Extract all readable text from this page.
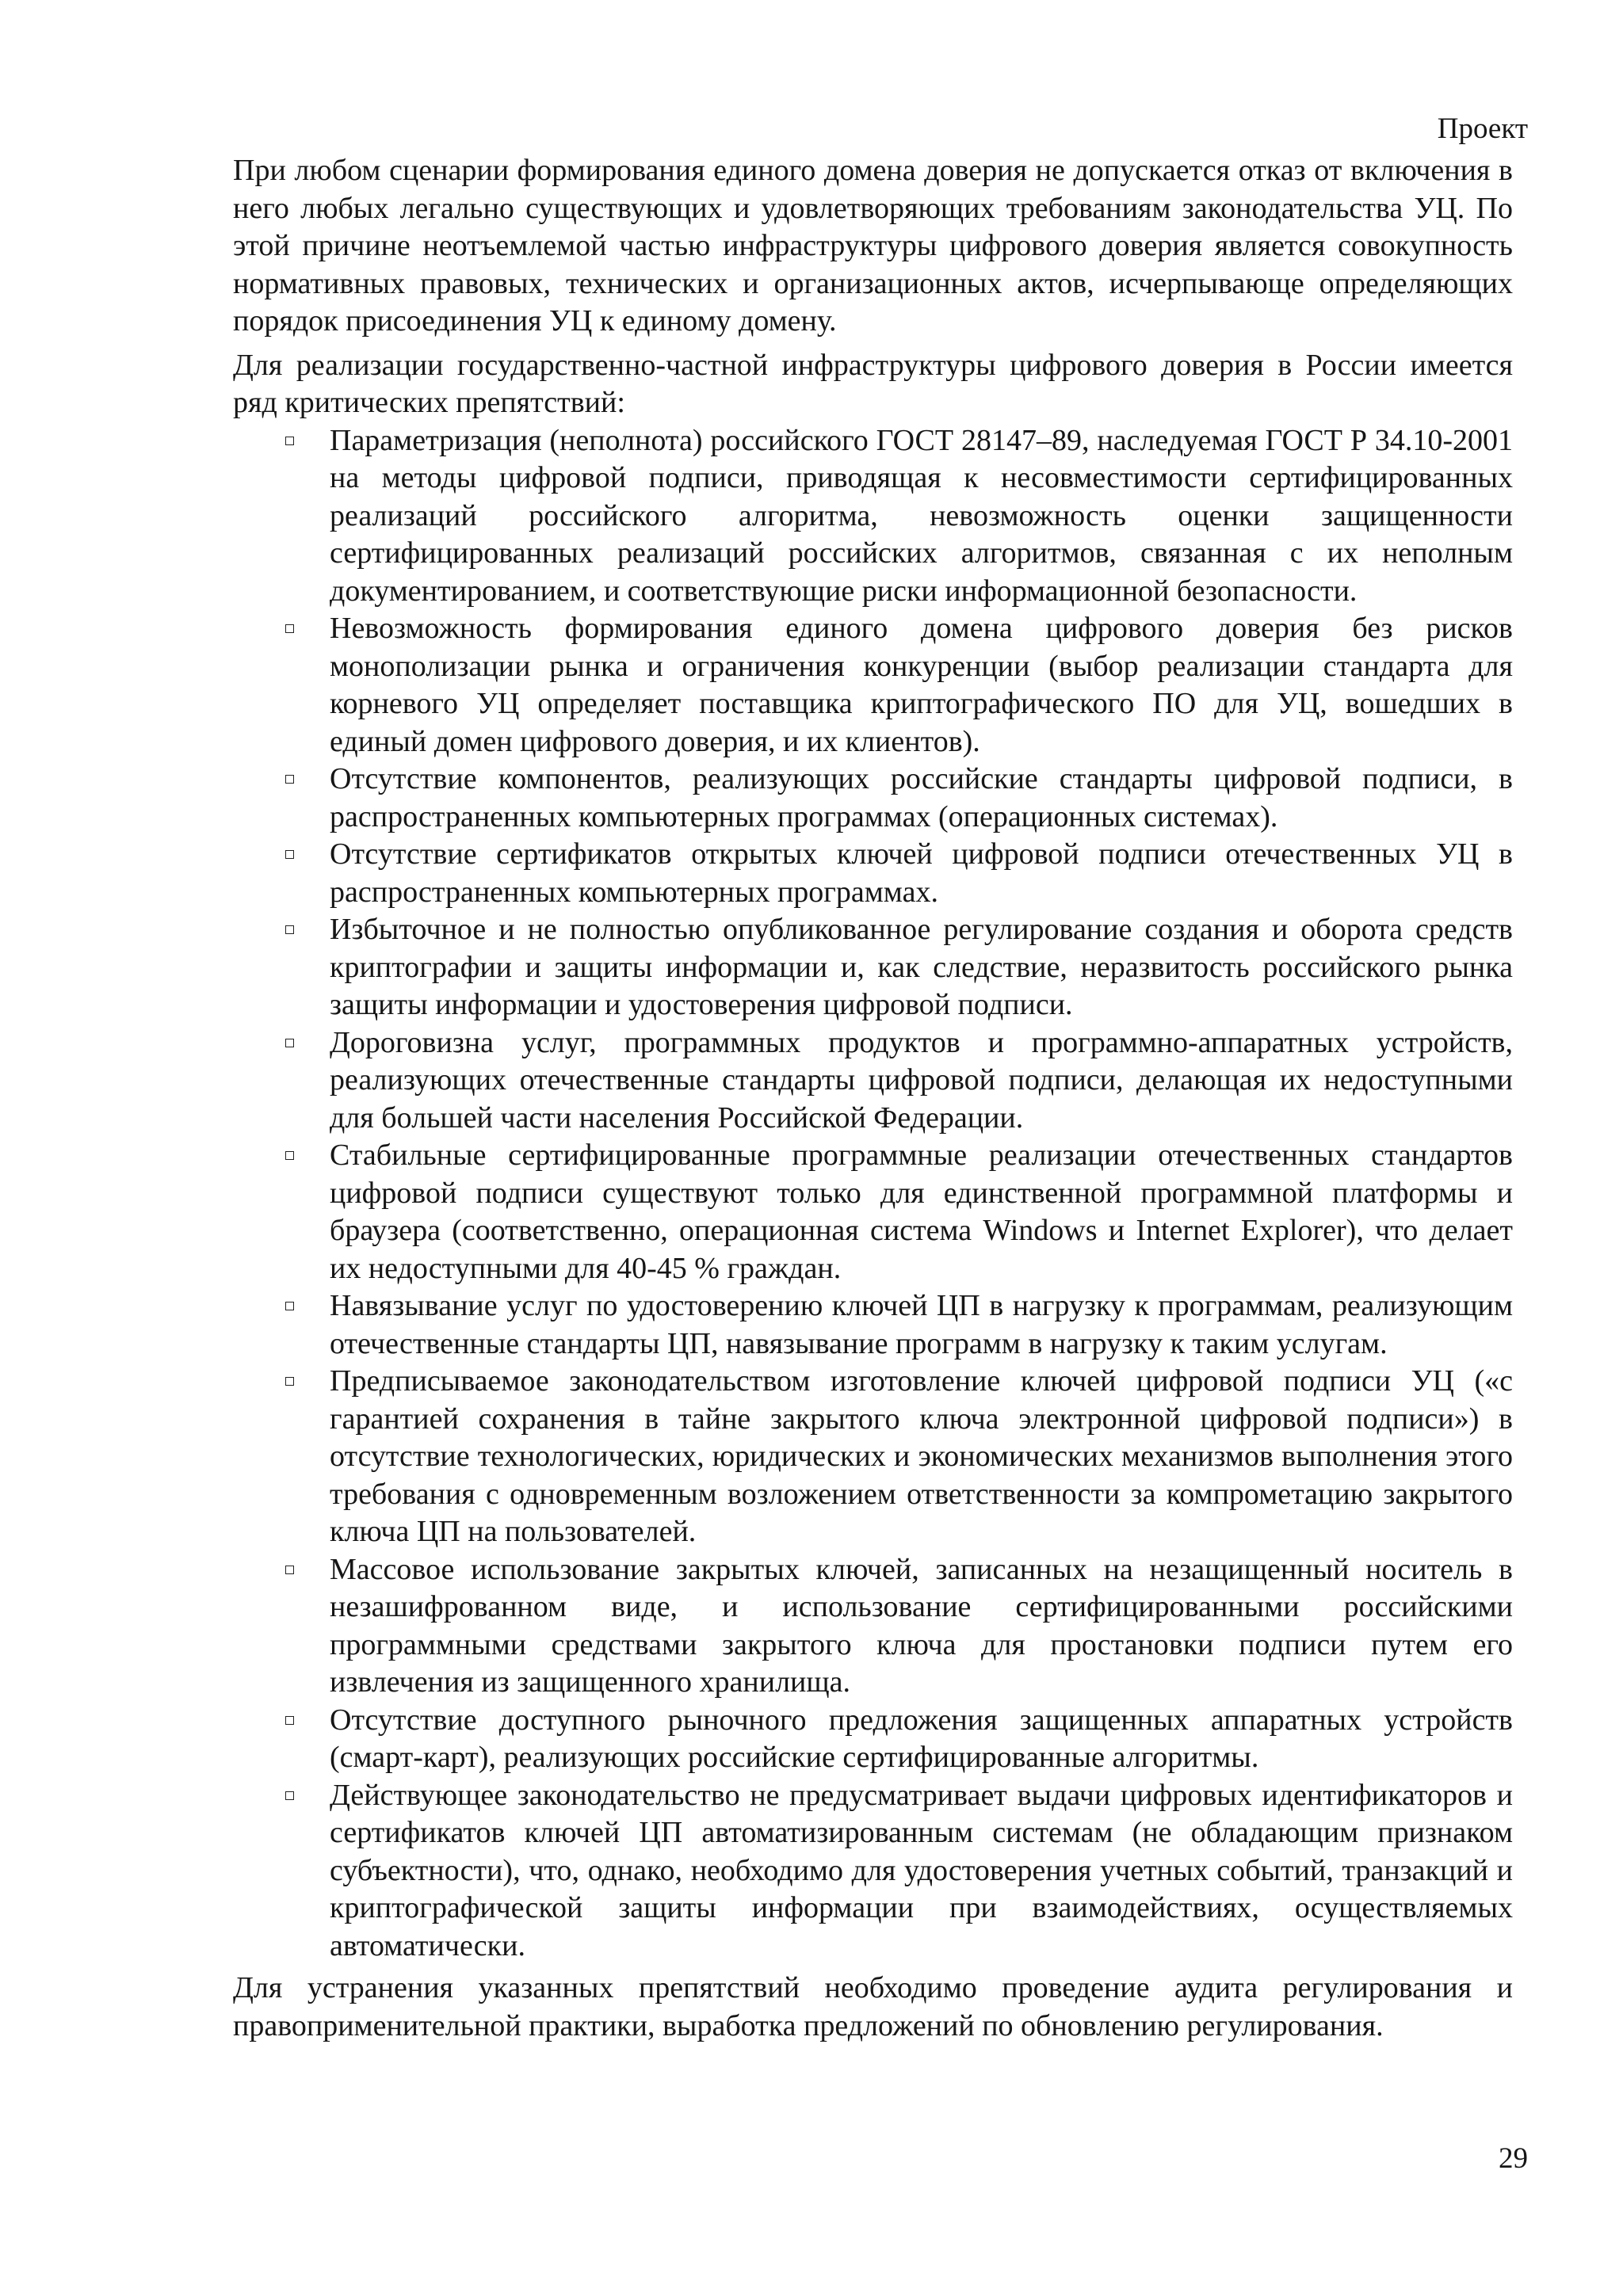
Проект

При любом сценарии формирования единого домена доверия не допускается отказ от включения в него любых легально существующих и удовлетворяющих требованиям законодательства УЦ. По этой причине неотъемлемой частью инфраструктуры цифрового доверия является совокупность нормативных правовых, технических и организационных актов, исчерпывающе определяющих порядок присоединения УЦ к единому домену.

Для реализации государственно-частной инфраструктуры цифрового доверия в России имеется ряд критических препятствий:

Параметризация (неполнота) российского ГОСТ 28147–89, наследуемая ГОСТ Р 34.10-2001 на методы цифровой подписи, приводящая к несовместимости сертифицированных реализаций российского алгоритма, невозможность оценки защищенности сертифицированных реализаций российских алгоритмов, связанная с их неполным документированием, и соответствующие риски информационной безопасности.
Невозможность формирования единого домена цифрового доверия без рисков монополизации рынка и ограничения конкуренции (выбор реализации стандарта для корневого УЦ определяет поставщика криптографического ПО для УЦ, вошедших в единый домен цифрового доверия, и их клиентов).
Отсутствие компонентов, реализующих российские стандарты цифровой подписи, в распространенных компьютерных программах (операционных системах).
Отсутствие сертификатов открытых ключей цифровой подписи отечественных УЦ в распространенных компьютерных программах.
Избыточное и не полностью опубликованное регулирование создания и оборота средств криптографии и защиты информации и, как следствие, неразвитость российского рынка защиты информации и удостоверения цифровой подписи.
Дороговизна услуг, программных продуктов и программно-аппаратных устройств, реализующих отечественные стандарты цифровой подписи, делающая их недоступными для большей части населения Российской Федерации.
Стабильные сертифицированные программные реализации отечественных стандартов цифровой подписи существуют только для единственной программной платформы и браузера (соответственно, операционная система Windows и Internet Explorer), что делает их недоступными для 40-45 % граждан.
Навязывание услуг по удостоверению ключей ЦП в нагрузку к программам, реализующим отечественные стандарты ЦП, навязывание программ в нагрузку к таким услугам.
Предписываемое законодательством изготовление ключей цифровой подписи УЦ («с гарантией сохранения в тайне закрытого ключа электронной цифровой подписи») в отсутствие технологических, юридических и экономических механизмов выполнения этого требования с одновременным возложением ответственности за компрометацию закрытого ключа ЦП на пользователей.
Массовое использование закрытых ключей, записанных на незащищенный носитель в незашифрованном виде, и использование сертифицированными российскими программными средствами закрытого ключа для простановки подписи путем его извлечения из защищенного хранилища.
Отсутствие доступного рыночного предложения защищенных аппаратных устройств (смарт-карт), реализующих российские сертифицированные алгоритмы.
Действующее законодательство не предусматривает выдачи цифровых идентификаторов и сертификатов ключей ЦП автоматизированным системам (не обладающим признаком субъектности), что, однако, необходимо для удостоверения учетных событий, транзакций и криптографической защиты информации при взаимодействиях, осуществляемых автоматически.

Для устранения указанных препятствий необходимо проведение аудита регулирования и правоприменительной практики, выработка предложений по обновлению регулирования.

29
